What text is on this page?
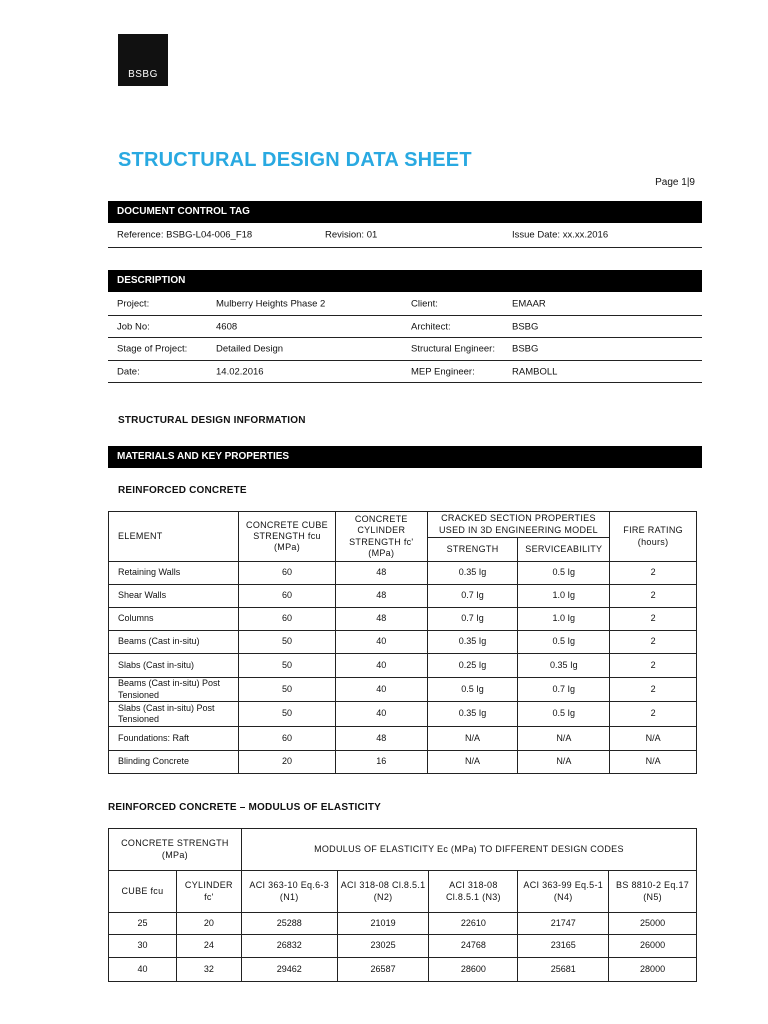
BSBG
STRUCTURAL DESIGN DATA SHEET
Page 1|9
DOCUMENT CONTROL TAG
Reference: BSBG-L04-006_F18	Revision: 01	Issue Date: xx.xx.2016
DESCRIPTION
Project:	Mulberry Heights Phase 2	Client:	EMAAR
Job No:	4608	Architect:	BSBG
Stage of Project:	Detailed Design	Structural Engineer: BSBG
Date:	14.02.2016	MEP Engineer:	RAMBOLL
STRUCTURAL DESIGN INFORMATION
MATERIALS AND KEY PROPERTIES
REINFORCED CONCRETE
ELEMENT	CONCRETE CUBE STRENGTH fcu (MPa)	CONCRETE CYLINDER STRENGTH fc' (MPa)	CRACKED SECTION PROPERTIES USED IN 3D ENGINEERING MODEL		FIRE RATING (hours)
			STRENGTH	SERVICEABILITY	
Retaining Walls	60	48	0.35 Ig	0.5 Ig	2
Shear Walls	60	48	0.7 Ig	1.0 Ig	2
Columns	60	48	0.7 Ig	1.0 Ig	2
Beams (Cast in-situ)	50	40	0.35 Ig	0.5 Ig	2
Slabs (Cast in-situ)	50	40	0.25 Ig	0.35 Ig	2
Beams (Cast in-situ) Post Tensioned	50	40	0.5 Ig	0.7 Ig	2
Slabs (Cast in-situ) Post Tensioned	50	40	0.35 Ig	0.5 Ig	2
Foundations: Raft	60	48	N/A	N/A	N/A
Blinding Concrete	20	16	N/A	N/A	N/A
REINFORCED CONCRETE – MODULUS OF ELASTICITY
CONCRETE STRENGTH (MPa)		MODULUS OF ELASTICITY Ec (MPa) TO DIFFERENT DESIGN CODES				
CUBE fcu	CYLINDER fc'	ACI 363-10 Eq.6-3 (N1)	ACI 318-08 Cl.8.5.1 (N2)	ACI 318-08 Cl.8.5.1 (N3)	ACI 363-99 Eq.5-1 (N4)	BS 8810-2 Eq.17 (N5)
25	20	25288	21019	22610	21747	25000
30	24	26832	23025	24768	23165	26000
40	32	29462	26587	28600	25681	28000
